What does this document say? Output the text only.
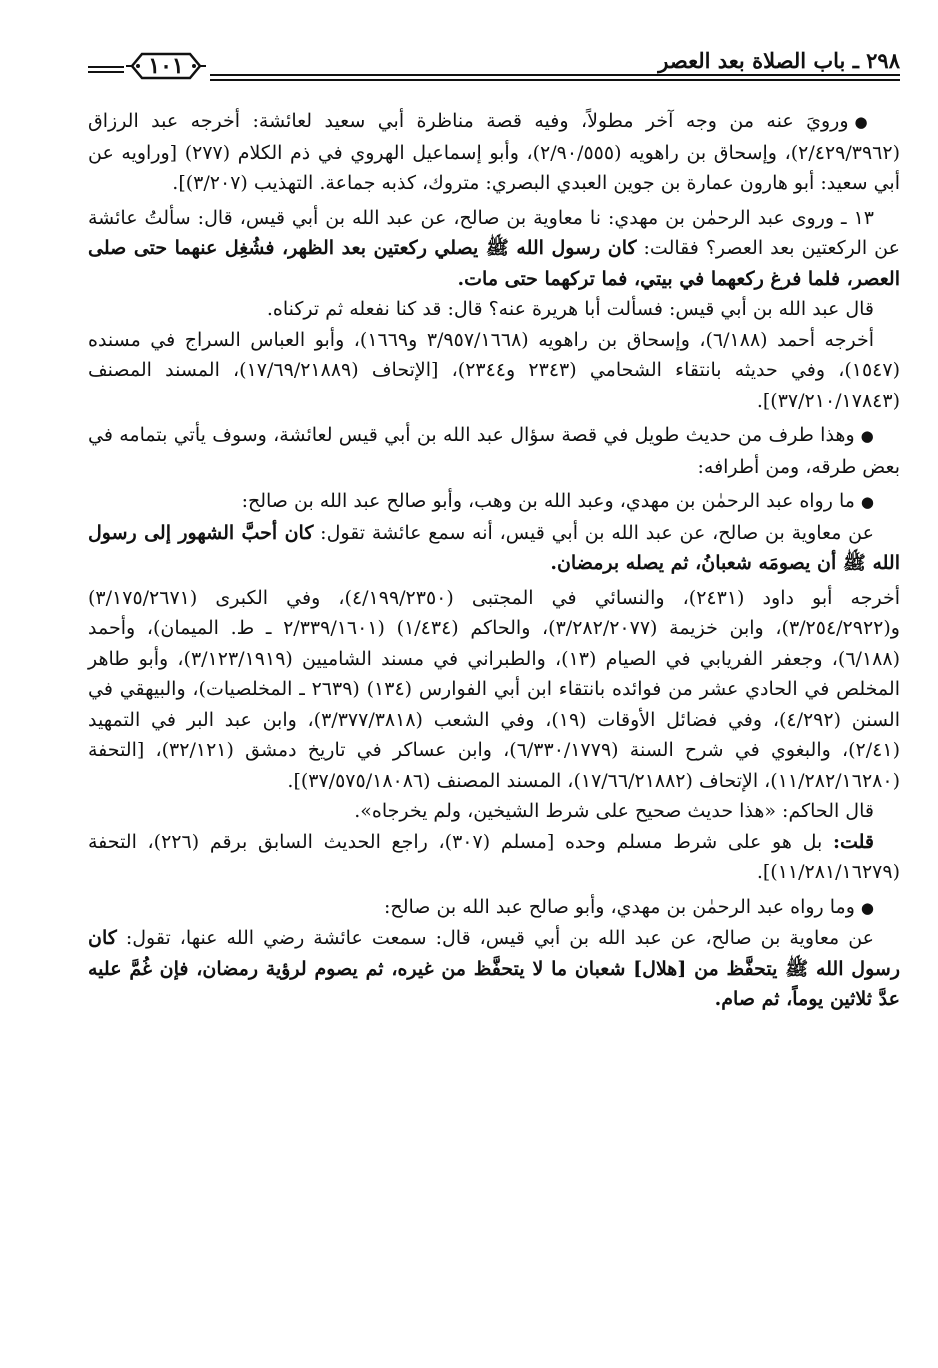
٢٩٨ ـ باب الصلاة بعد العصر
١٠١

●ورويَ عنه من وجه آخر مطولاً، وفيه قصة مناظرة أبي سعيد لعائشة: أخرجه عبد الرزاق (٢/٤٢٩/٣٩٦٢)، وإسحاق بن راهويه (٢/٩٠/٥٥٥)، وأبو إسماعيل الهروي في ذم الكلام (٢٧٧) [وراويه عن أبي سعيد: أبو هارون عمارة بن جوين العبدي البصري: متروك، كذبه جماعة. التهذيب (٣/٢٠٧)].

١٣ ـ وروى عبد الرحمٰن بن مهدي: نا معاوية بن صالح، عن عبد الله بن أبي قيس، قال: سألتُ عائشة عن الركعتين بعد العصر؟ فقالت: كان رسول الله ﷺ يصلي ركعتين بعد الظهر، فشُغِل عنهما حتى صلى العصر، فلما فرغ ركعهما في بيتي، فما تركهما حتى مات.

قال عبد الله بن أبي قيس: فسألت أبا هريرة عنه؟ قال: قد كنا نفعله ثم تركناه.

أخرجه أحمد (٦/١٨٨)، وإسحاق بن راهويه (٣/٩٥٧/١٦٦٨ و١٦٦٩)، وأبو العباس السراج في مسنده (١٥٤٧)، وفي حديثه بانتقاء الشحامي (٢٣٤٣ و٢٣٤٤)، [الإتحاف (١٧/٦٩/٢١٨٨٩)، المسند المصنف (٣٧/٢١٠/١٧٨٤٣)].

●وهذا طرف من حديث طويل في قصة سؤال عبد الله بن أبي قيس لعائشة، وسوف يأتي بتمامه في بعض طرقه، ومن أطرافه:

●ما رواه عبد الرحمٰن بن مهدي، وعبد الله بن وهب، وأبو صالح عبد الله بن صالح:

عن معاوية بن صالح، عن عبد الله بن أبي قيس، أنه سمع عائشة تقول: كان أحبَّ الشهور إلى رسول الله ﷺ أن يصومَه شعبانُ، ثم يصله برمضان.

أخرجه أبو داود (٢٤٣١)، والنسائي في المجتبى (٤/١٩٩/٢٣٥٠)، وفي الكبرى (٣/١٧٥/٢٦٧١) و(٣/٢٥٤/٢٩٢٢)، وابن خزيمة (٣/٢٨٢/٢٠٧٧)، والحاكم (١/٤٣٤) (٢/٣٣٩/١٦٠١ ـ ط. الميمان)، وأحمد (٦/١٨٨)، وجعفر الفريابي في الصيام (١٣)، والطبراني في مسند الشاميين (٣/١٢٣/١٩١٩)، وأبو طاهر المخلص في الحادي عشر من فوائده بانتقاء ابن أبي الفوارس (١٣٤) (٢٦٣٩ ـ المخلصيات)، والبيهقي في السنن (٤/٢٩٢)، وفي فضائل الأوقات (١٩)، وفي الشعب (٣/٣٧٧/٣٨١٨)، وابن عبد البر في التمهيد (٢/٤١)، والبغوي في شرح السنة (٦/٣٣٠/١٧٧٩)، وابن عساكر في تاريخ دمشق (٣٢/١٢١)، [التحفة (١١/٢٨٢/١٦٢٨٠)، الإتحاف (١٧/٦٦/٢١٨٨٢)، المسند المصنف (٣٧/٥٧٥/١٨٠٨٦)].

قال الحاكم: «هذا حديث صحيح على شرط الشيخين، ولم يخرجاه».

قلت: بل هو على شرط مسلم وحده [مسلم (٣٠٧)، راجع الحديث السابق برقم (٢٢٦)، التحفة (١١/٢٨١/١٦٢٧٩)].

●وما رواه عبد الرحمٰن بن مهدي، وأبو صالح عبد الله بن صالح:

عن معاوية بن صالح، عن عبد الله بن أبي قيس، قال: سمعت عائشة رضي الله عنها، تقول: كان رسول الله ﷺ يتحفَّظ من [هلال] شعبان ما لا يتحفَّظ من غيره، ثم يصوم لرؤية رمضان، فإن غُمَّ عليه عدَّ ثلاثين يوماً، ثم صام.
